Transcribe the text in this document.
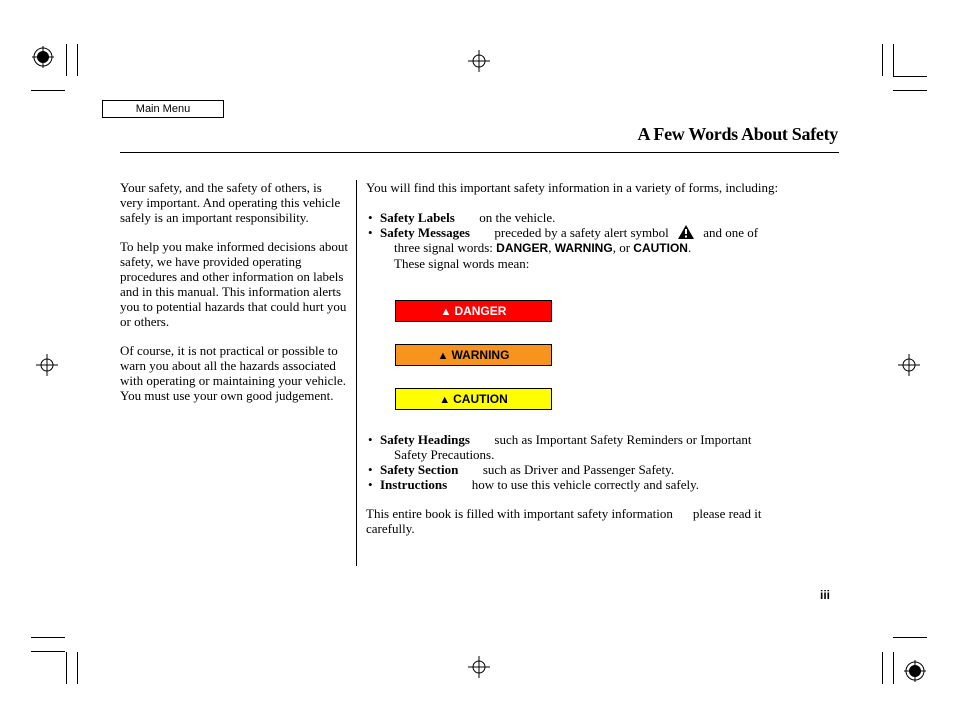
Main Menu
A Few Words About Safety

Your safety, and the safety of others, is very important. And operating this vehicle safely is an important responsibility.

To help you make informed decisions about safety, we have provided operating procedures and other information on labels and in this manual. This information alerts you to potential hazards that could hurt you or others.

Of course, it is not practical or possible to warn you about all the hazards associated with operating or maintaining your vehicle. You must use your own good judgement.

You will find this important safety information in a variety of forms, including:

• Safety Labels on the vehicle.
• Safety Messages preceded by a safety alert symbol	and one of
three signal words: DANGER, WARNING, or CAUTION.
These signal words mean:
▲ DANGER
▲ WARNING
▲ CAUTION
• Safety Headings such as Important Safety Reminders or Important
Safety Precautions.
• Safety Section such as Driver and Passenger Safety.
• Instructions how to use this vehicle correctly and safely.
This entire book is filled with important safety information please read it
carefully.
iii
